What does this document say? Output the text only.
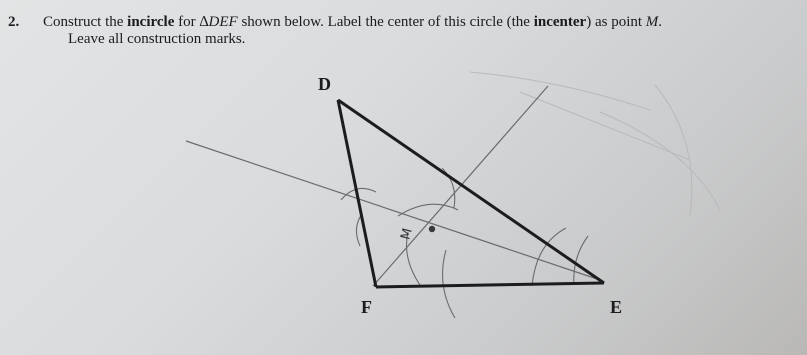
2. Construct the incircle for ∆DEF shown below. Label the center of this circle (the incenter) as point M.
Leave all construction marks.
M
D
F	E
